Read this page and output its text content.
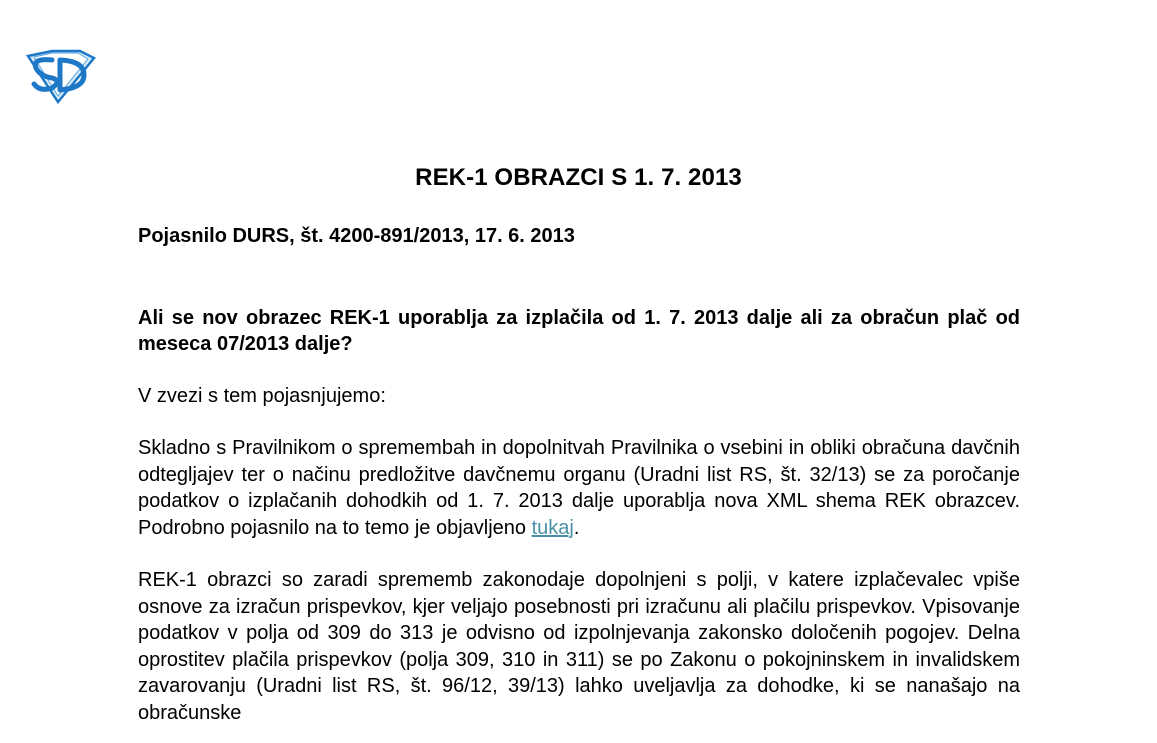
REK-1 OBRAZCI S 1. 7. 2013

Pojasnilo DURS, št. 4200-891/2013, 17. 6. 2013

Ali se nov obrazec REK-1 uporablja za izplačila od 1. 7. 2013 dalje ali za obračun plač od meseca 07/2013 dalje?

V zvezi s tem pojasnjujemo:

Skladno s Pravilnikom o spremembah in dopolnitvah Pravilnika o vsebini in obliki obračuna davčnih odtegljajev ter o načinu predložitve davčnemu organu (Uradni list RS, št. 32/13) se za poročanje podatkov o izplačanih dohodkih od 1. 7. 2013 dalje uporablja nova XML shema REK obrazcev. Podrobno pojasnilo na to temo je objavljeno tukaj.

REK-1 obrazci so zaradi sprememb zakonodaje dopolnjeni s polji, v katere izplačevalec vpiše osnove za izračun prispevkov, kjer veljajo posebnosti pri izračunu ali plačilu prispevkov. Vpisovanje podatkov v polja od 309 do 313 je odvisno od izpolnjevanja zakonsko določenih pogojev. Delna oprostitev plačila prispevkov (polja 309, 310 in 311) se po Zakonu o pokojninskem in invalidskem zavarovanju (Uradni list RS, št. 96/12, 39/13) lahko uveljavlja za dohodke, ki se nanašajo na obračunske
